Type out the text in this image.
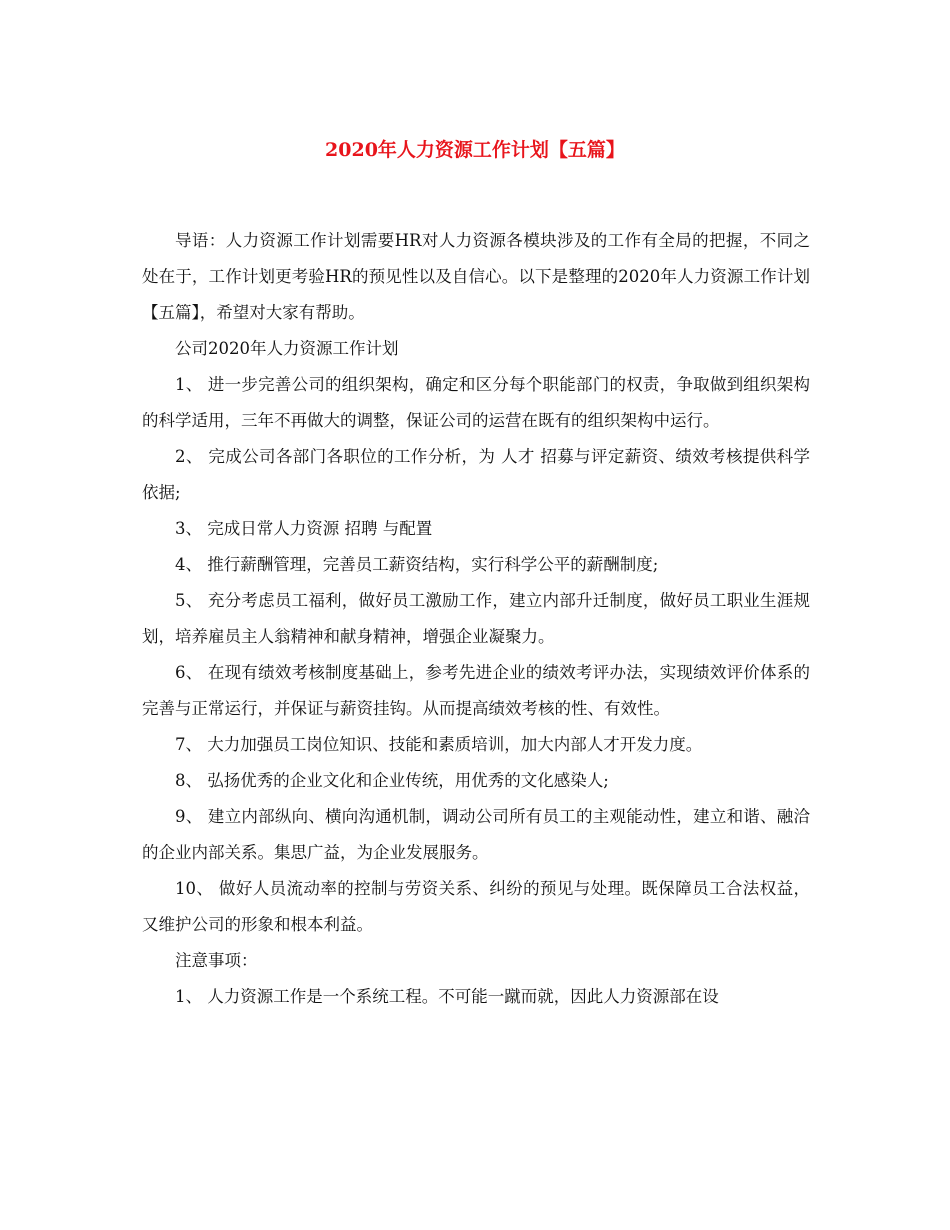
2020年人力资源工作计划【五篇】

导语：人力资源工作计划需要HR对人力资源各模块涉及的工作有全局的把握，不同之处在于，工作计划更考验HR的预见性以及自信心。以下是整理的2020年人力资源工作计划【五篇】，希望对大家有帮助。

公司2020年人力资源工作计划

1、 进一步完善公司的组织架构，确定和区分每个职能部门的权责，争取做到组织架构的科学适用，三年不再做大的调整，保证公司的运营在既有的组织架构中运行。

2、 完成公司各部门各职位的工作分析，为 人才 招募与评定薪资、绩效考核提供科学依据;

3、 完成日常人力资源 招聘 与配置

4、 推行薪酬管理，完善员工薪资结构，实行科学公平的薪酬制度;

5、 充分考虑员工福利，做好员工激励工作，建立内部升迁制度，做好员工职业生涯规划，培养雇员主人翁精神和献身精神，增强企业凝聚力。

6、 在现有绩效考核制度基础上，参考先进企业的绩效考评办法，实现绩效评价体系的完善与正常运行，并保证与薪资挂钩。从而提高绩效考核的性、有效性。

7、 大力加强员工岗位知识、技能和素质培训，加大内部人才开发力度。

8、 弘扬优秀的企业文化和企业传统，用优秀的文化感染人;

9、 建立内部纵向、横向沟通机制，调动公司所有员工的主观能动性，建立和谐、融洽的企业内部关系。集思广益，为企业发展服务。

10、 做好人员流动率的控制与劳资关系、纠纷的预见与处理。既保障员工合法权益，又维护公司的形象和根本利益。

注意事项：

1、 人力资源工作是一个系统工程。不可能一蹴而就，因此人力资源部在设
